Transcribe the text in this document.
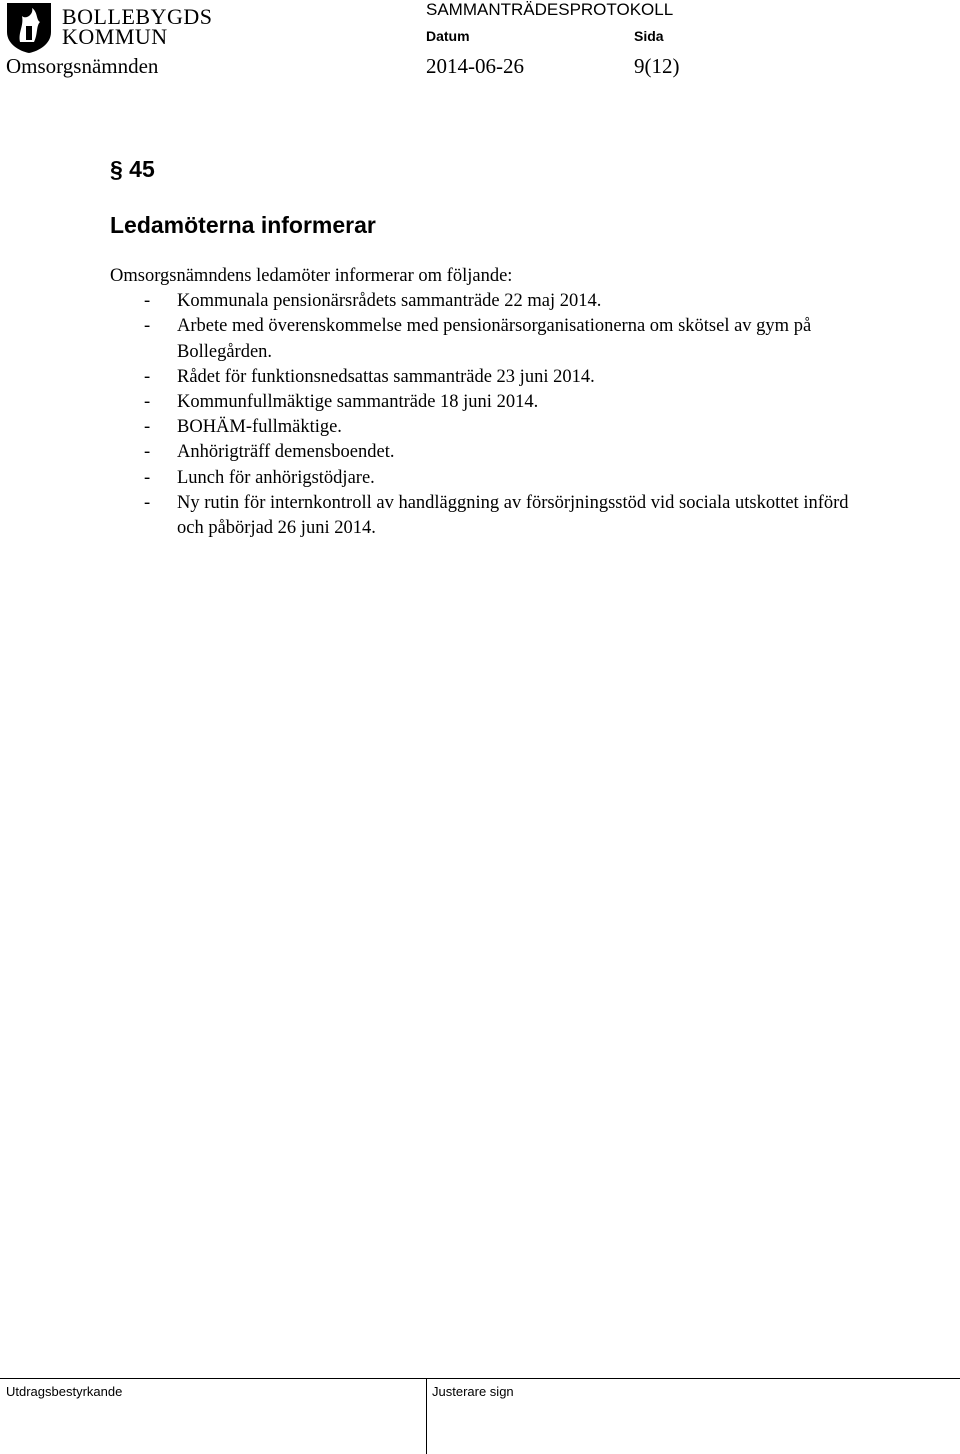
BOLLEBYGDS
KOMMUN
Omsorgsnämnden
SAMMANTRÄDESPROTOKOLL
Datum	Sida
2014-06-26	9(12)
§ 45
Ledamöterna informerar
Omsorgsnämndens ledamöter informerar om följande:
-	Kommunala pensionärsrådets sammanträde 22 maj 2014.
-	Arbete med överenskommelse med pensionärsorganisationerna om skötsel av gym på Bollegården.
-	Rådet för funktionsnedsattas sammanträde 23 juni 2014.
-	Kommunfullmäktige sammanträde 18 juni 2014.
-	BOHÄM-fullmäktige.
-	Anhörigträff demensboendet.
-	Lunch för anhörigstödjare.
-	Ny rutin för internkontroll av handläggning av försörjningsstöd vid sociala utskottet införd och påbörjad 26 juni 2014.
Utdragsbestyrkande	Justerare sign
